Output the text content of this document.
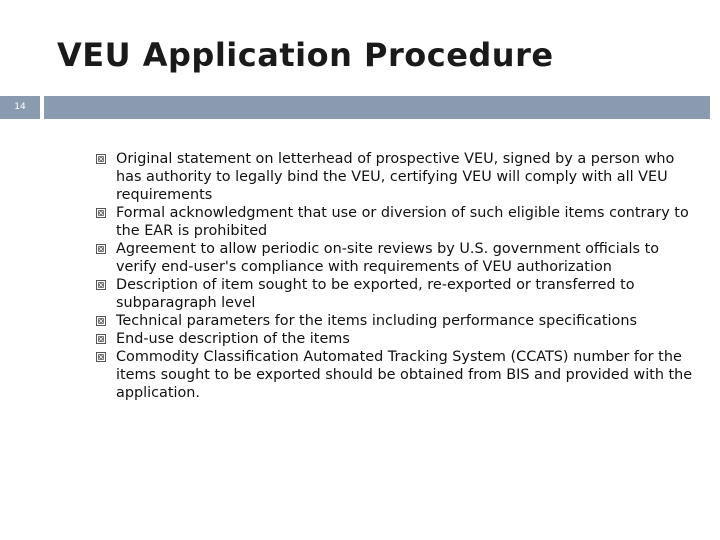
VEU Application Procedure
14
Original statement on letterhead of prospective VEU, signed by a person who has authority to legally bind the VEU, certifying VEU will comply with all VEU requirements
Formal acknowledgment that use or diversion of such eligible items contrary to the EAR is prohibited
Agreement to allow periodic on-site reviews by U.S. government officials to verify end-user's compliance with requirements of VEU authorization
Description of item sought to be exported, re-exported or transferred to subparagraph level
Technical parameters for the items including performance specifications
End-use description of the items
Commodity Classification Automated Tracking System (CCATS) number for the items sought to be exported should be obtained from BIS and provided with the application.
